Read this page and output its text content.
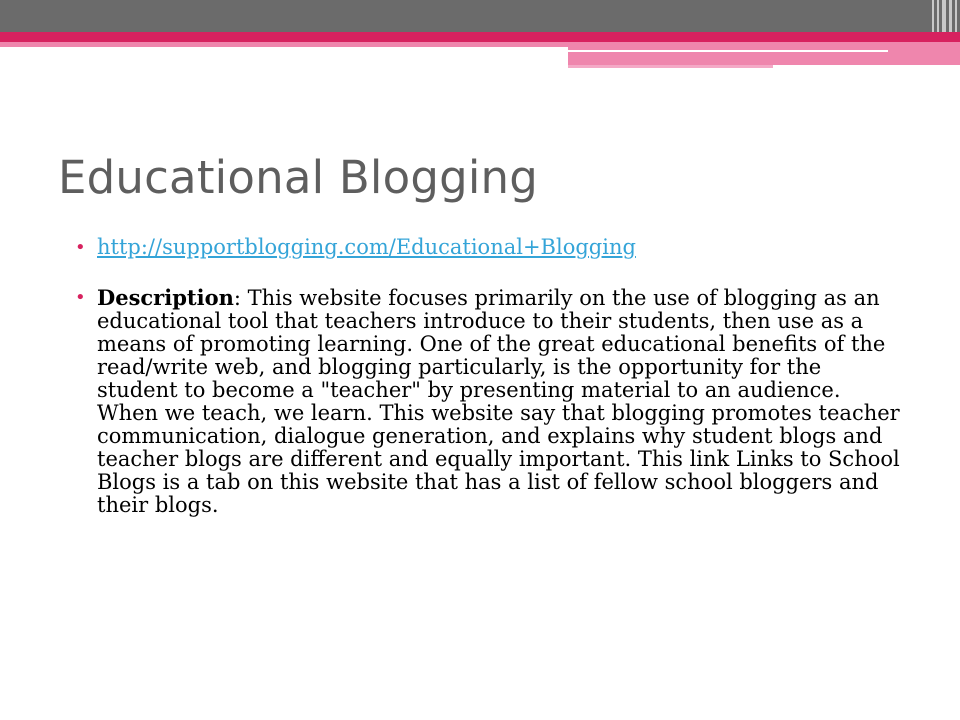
Educational Blogging
• http://supportblogging.com/Educational+Blogging
• Description: This website focuses primarily on the use of blogging as an educational tool that teachers introduce to their students, then use as a means of promoting learning. One of the great educational benefits of the read/write web, and blogging particularly, is the opportunity for the student to become a "teacher" by presenting material to an audience. When we teach, we learn. This website say that blogging promotes teacher communication, dialogue generation, and explains why student blogs and teacher blogs are different and equally important. This link Links to School Blogs is a tab on this website that has a list of fellow school bloggers and their blogs.
